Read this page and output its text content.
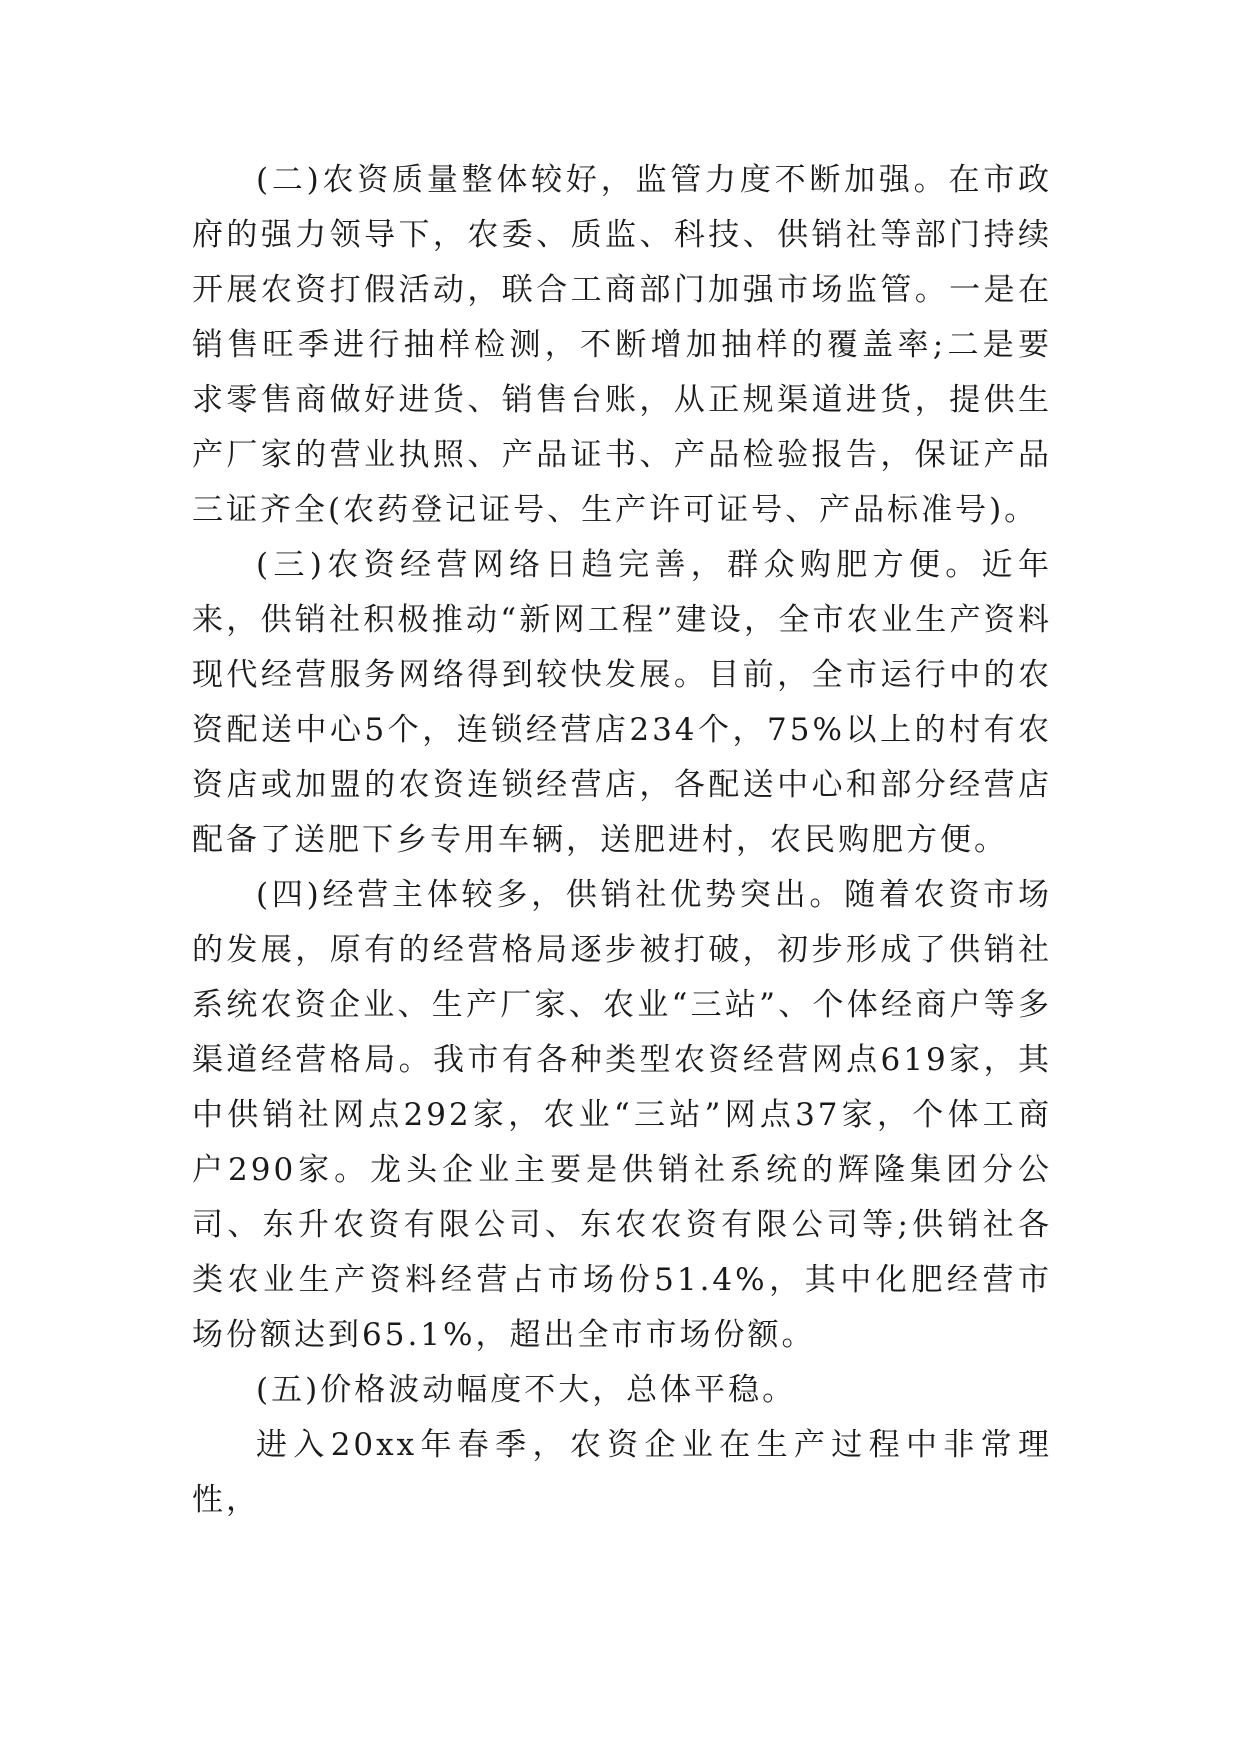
(二)农资质量整体较好，监管力度不断加强。在市政府的强力领导下，农委、质监、科技、供销社等部门持续开展农资打假活动，联合工商部门加强市场监管。一是在销售旺季进行抽样检测，不断增加抽样的覆盖率;二是要求零售商做好进货、销售台账，从正规渠道进货，提供生产厂家的营业执照、产品证书、产品检验报告，保证产品三证齐全(农药登记证号、生产许可证号、产品标准号)。

(三)农资经营网络日趋完善，群众购肥方便。近年来，供销社积极推动“新网工程”建设，全市农业生产资料现代经营服务网络得到较快发展。目前，全市运行中的农资配送中心5个，连锁经营店234个，75%以上的村有农资店或加盟的农资连锁经营店，各配送中心和部分经营店配备了送肥下乡专用车辆，送肥进村，农民购肥方便。

(四)经营主体较多，供销社优势突出。随着农资市场的发展，原有的经营格局逐步被打破，初步形成了供销社系统农资企业、生产厂家、农业“三站”、个体经商户等多渠道经营格局。我市有各种类型农资经营网点619家，其中供销社网点292家，农业“三站”网点37家，个体工商户290家。龙头企业主要是供销社系统的辉隆集团分公司、东升农资有限公司、东农农资有限公司等;供销社各类农业生产资料经营占市场份51.4%，其中化肥经营市场份额达到65.1%，超出全市市场份额。

(五)价格波动幅度不大，总体平稳。

进入20xx年春季，农资企业在生产过程中非常理性，
